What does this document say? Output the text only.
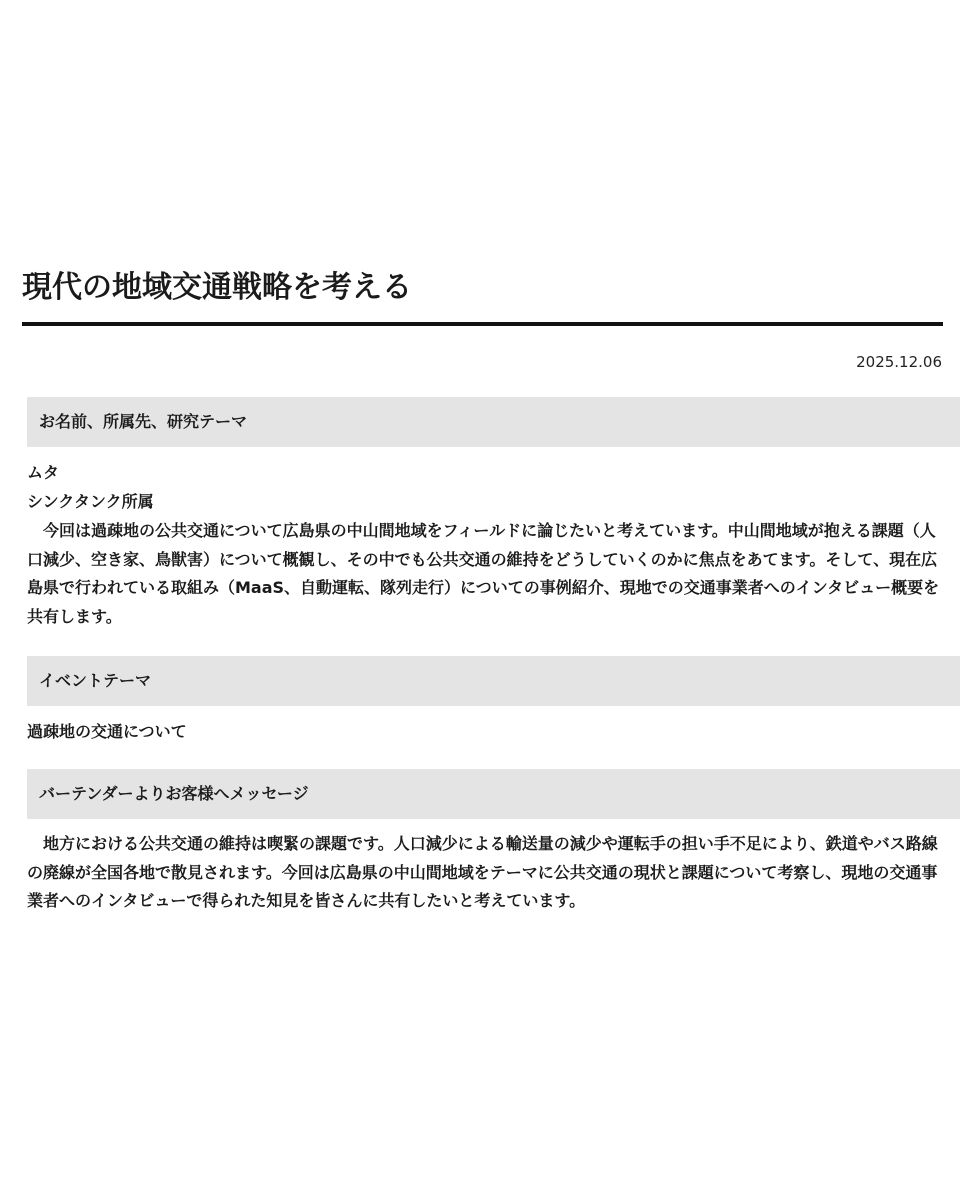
現代の地域交通戦略を考える
2025.12.06
お名前、所属先、研究テーマ
ムタ
シンクタンク所属

今回は過疎地の公共交通について広島県の中山間地域をフィールドに論じたいと考えています。中山間地域が抱える課題（人口減少、空き家、鳥獣害）について概観し、その中でも公共交通の維持をどうしていくのかに焦点をあてます。そして、現在広島県で行われている取組み（MaaS、自動運転、隊列走行）についての事例紹介、現地での交通事業者へのインタビュー概要を共有します。

イベントテーマ
過疎地の交通について
バーテンダーよりお客様へメッセージ

地方における公共交通の維持は喫緊の課題です。人口減少による輸送量の減少や運転手の担い手不足により、鉄道やバス路線の廃線が全国各地で散見されます。今回は広島県の中山間地域をテーマに公共交通の現状と課題について考察し、現地の交通事業者へのインタビューで得られた知見を皆さんに共有したいと考えています。
